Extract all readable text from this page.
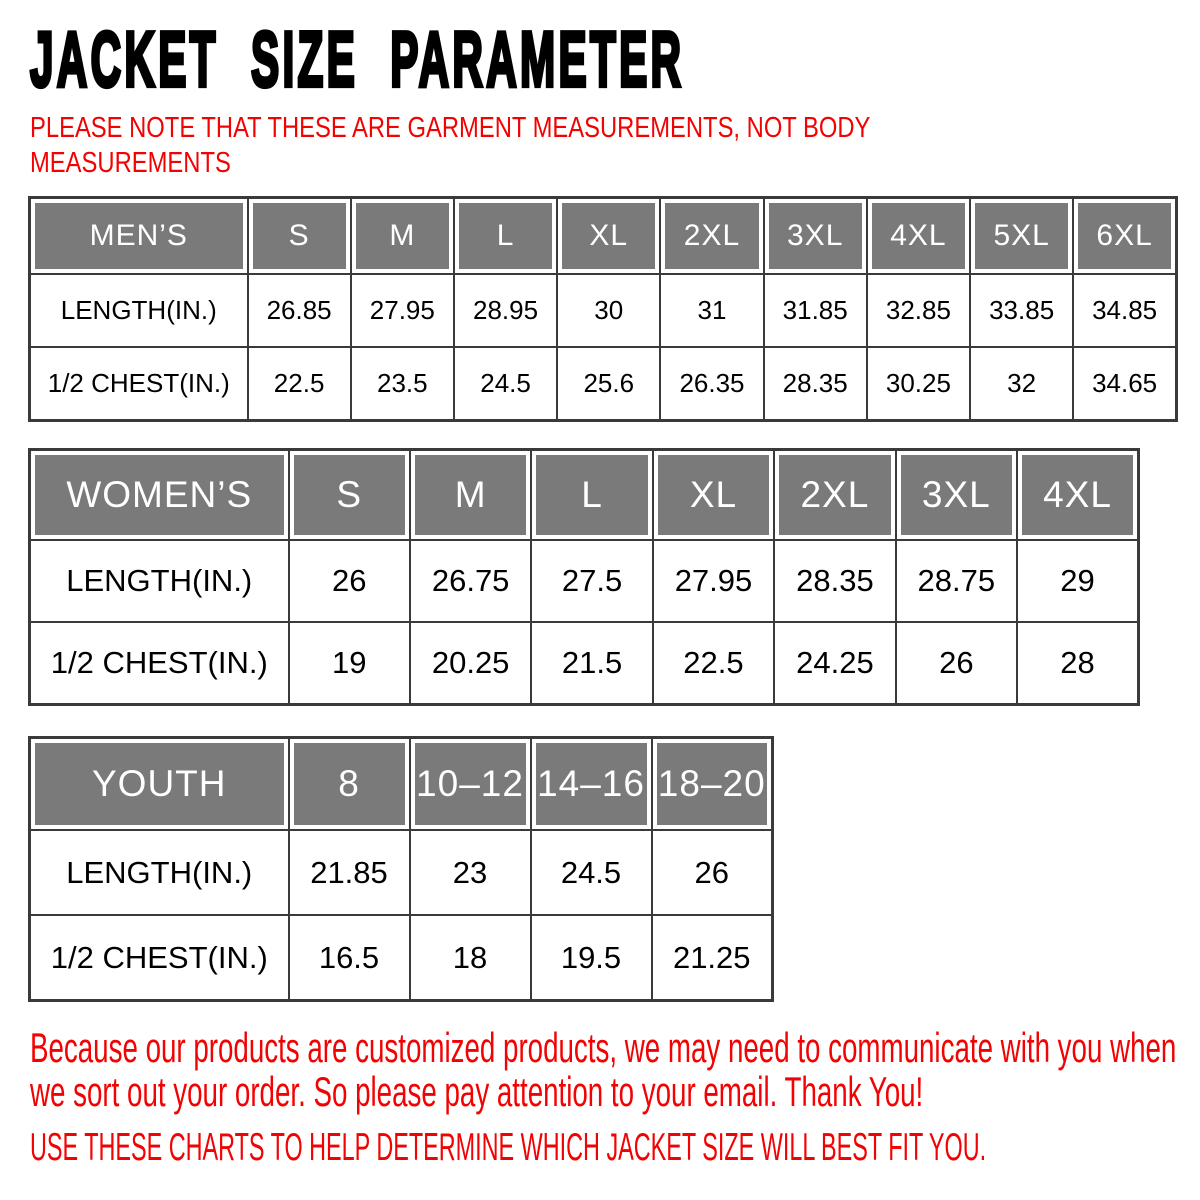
JACKET SIZE PARAMETER

PLEASE NOTE THAT THESE ARE GARMENT MEASUREMENTS, NOT BODY MEASUREMENTS

MEN’S	S	M	L	XL	2XL	3XL	4XL	5XL	6XL
LENGTH(IN.)	26.85	27.95	28.95	30	31	31.85	32.85	33.85	34.85
1/2 CHEST(IN.)	22.5	23.5	24.5	25.6	26.35	28.35	30.25	32	34.65
WOMEN’S	S	M	L	XL	2XL	3XL	4XL
LENGTH(IN.)	26	26.75	27.5	27.95	28.35	28.75	29
1/2 CHEST(IN.)	19	20.25	21.5	22.5	24.25	26	28
YOUTH	8	10–12	14–16	18–20
LENGTH(IN.)	21.85	23	24.5	26
1/2 CHEST(IN.)	16.5	18	19.5	21.25

Because our products are customized products, we may need to communicate with you when we sort out your order. So please pay attention to your email. Thank You!

USE THESE CHARTS TO HELP DETERMINE WHICH JACKET SIZE WILL BEST FIT YOU.
